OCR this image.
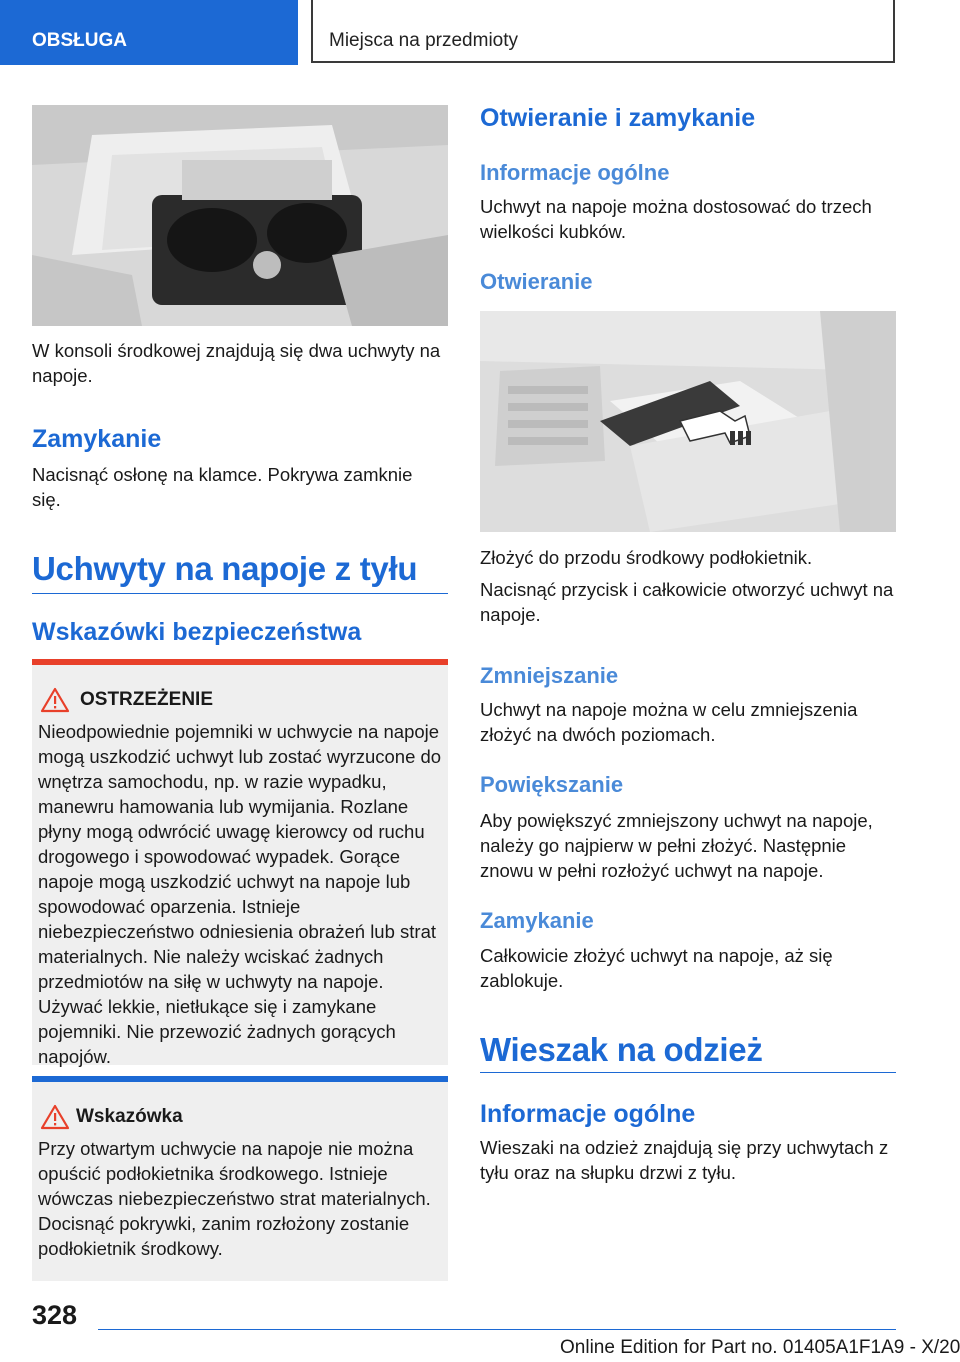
OBSŁUGA	Miejsca na przedmioty

W konsoli środkowej znajdują się dwa uchwyty na napoje.

Zamykanie

Nacisnąć osłonę na klamce. Pokrywa zamknie się.

Uchwyty na napoje z tyłu
Wskazówki bezpieczeństwa
OSTRZEŻENIE

Nieodpowiednie pojemniki w uchwycie na napoje mogą uszkodzić uchwyt lub zostać wyrzucone do wnętrza samochodu, np. w razie wypadku, manewru hamowania lub wymijania. Rozlane płyny mogą odwrócić uwagę kierowcy od ruchu drogowego i spowodować wypadek. Gorące napoje mogą uszkodzić uchwyt na napoje lub spowodować oparzenia. Istnieje niebezpieczeństwo odniesienia obrażeń lub strat materialnych. Nie należy wciskać żadnych przedmiotów na siłę w uchwyty na napoje. Używać lekkie, nietłukące się i zamykane pojemniki. Nie przewozić żadnych gorących napojów.

Wskazówka

Przy otwartym uchwycie na napoje nie można opuścić podłokietnika środkowego. Istnieje wówczas niebezpieczeństwo strat materialnych. Docisnąć pokrywki, zanim rozłożony zostanie podłokietnik środkowy.

Otwieranie i zamykanie
Informacje ogólne

Uchwyt na napoje można dostosować do trzech wielkości kubków.

Otwieranie

Złożyć do przodu środkowy podłokietnik.

Nacisnąć przycisk i całkowicie otworzyć uchwyt na napoje.

Zmniejszanie

Uchwyt na napoje można w celu zmniejszenia złożyć na dwóch poziomach.

Powiększanie

Aby powiększyć zmniejszony uchwyt na napoje, należy go najpierw w pełni złożyć. Następnie znowu w pełni rozłożyć uchwyt na napoje.

Zamykanie

Całkowicie złożyć uchwyt na napoje, aż się zablokuje.

Wieszak na odzież
Informacje ogólne

Wieszaki na odzież znajdują się przy uchwytach z tyłu oraz na słupku drzwi z tyłu.

328
Online Edition for Part no. 01405A1F1A9 - X/20
